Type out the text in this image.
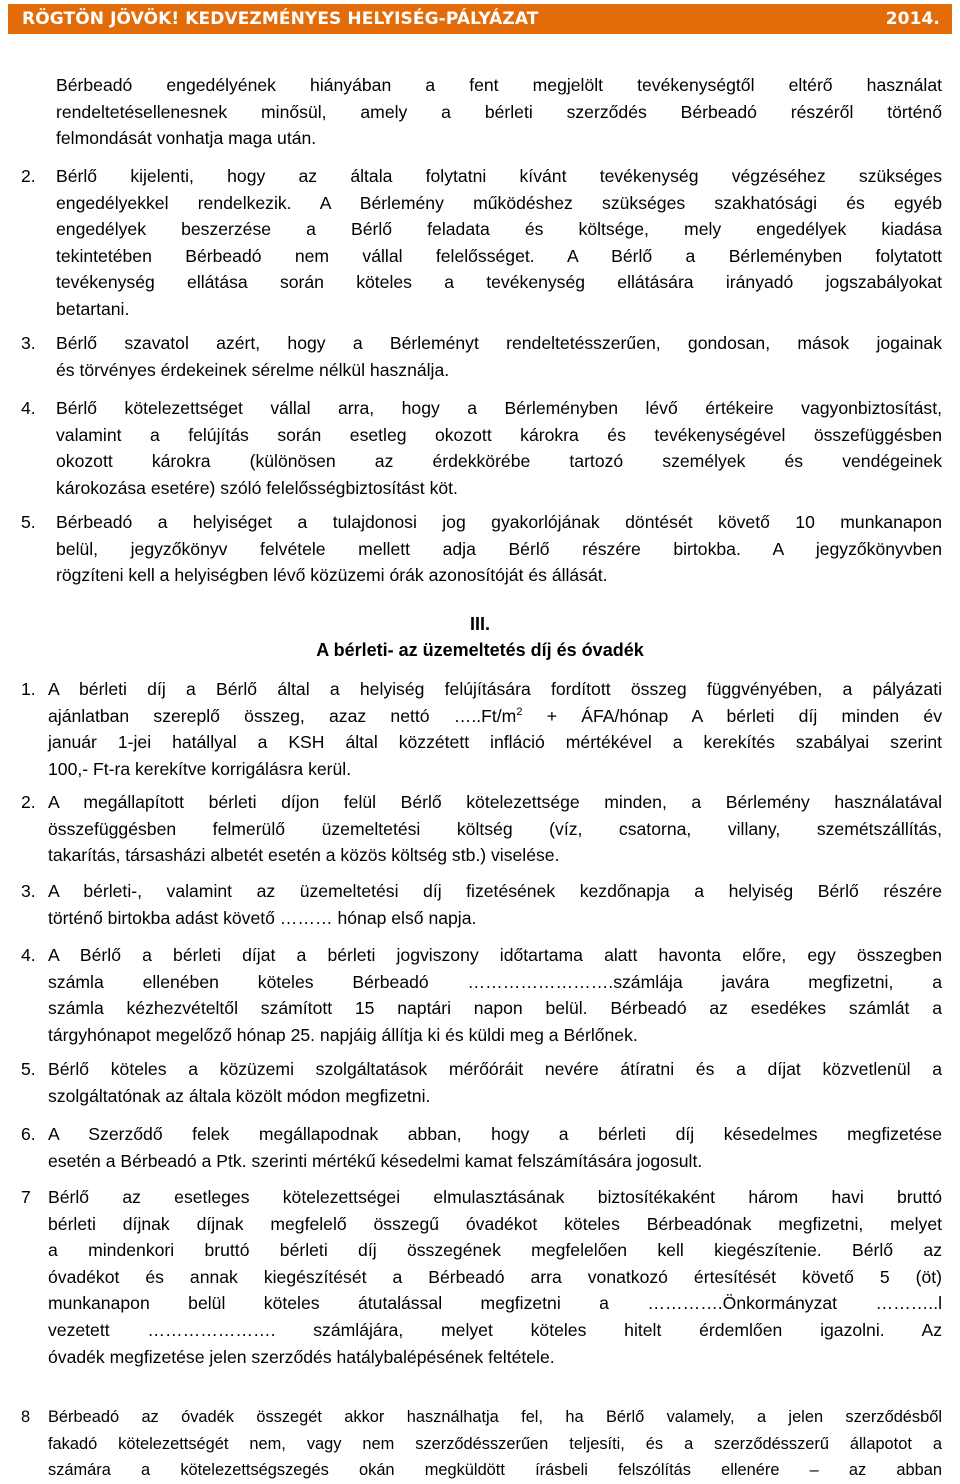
RÖGTÖN JÖVÖK! KEDVEZMÉNYES HELYISÉG-PÁLYÁZAT	2014.
Bérbeadó engedélyének hiányában a fent megjelölt tevékenységtől eltérő használat
rendeltetésellenesnek minősül, amely a bérleti szerződés Bérbeadó részéről történő
felmondását vonhatja maga után.
2. Bérlő kijelenti, hogy az általa folytatni kívánt tevékenység végzéséhez szükséges
engedélyekkel rendelkezik. A Bérlemény működéshez szükséges szakhatósági és egyéb
engedélyek beszerzése a Bérlő feladata és költsége, mely engedélyek kiadása
tekintetében Bérbeadó nem vállal felelősséget. A Bérlő a Bérleményben folytatott
tevékenység ellátása során köteles a tevékenység ellátására irányadó jogszabályokat
betartani.
3. Bérlő szavatol azért, hogy a Bérleményt rendeltetésszerűen, gondosan, mások jogainak
és törvényes érdekeinek sérelme nélkül használja.
4. Bérlő kötelezettséget vállal arra, hogy a Bérleményben lévő értékeire vagyonbiztosítást,
valamint a felújítás során esetleg okozott károkra és tevékenységével összefüggésben
okozott károkra (különösen az érdekkörébe tartozó személyek és vendégeinek
károkozása esetére) szóló felelősségbiztosítást köt.
5. Bérbeadó a helyiséget a tulajdonosi jog gyakorlójának döntését követő 10 munkanapon
belül, jegyzőkönyv felvétele mellett adja Bérlő részére birtokba. A jegyzőkönyvben
rögzíteni kell a helyiségben lévő közüzemi órák azonosítóját és állását.
III.
A bérleti- az üzemeltetés díj és óvadék
1. A bérleti díj a Bérlő által a helyiség felújítására fordított összeg függvényében, a pályázati
ajánlatban szereplő összeg, azaz nettó $\dots..Ft/m^2$ + ÁFA/hónap A bérleti díj minden év
január 1-jei hatállyal a KSH által közzétett infláció mértékével a kerekítés szabályai szerint
100,- Ft-ra kerekítve korrigálásra kerül.
2. A megállapított bérleti díjon felül Bérlő kötelezettsége minden, a Bérlemény használatával
összefüggésben felmerülő üzemeltetési költség (víz, csatorna, villany, szemétszállítás,
takarítás, társasházi albetét esetén a közös költség stb.) viselése.
3. A bérleti-, valamint az üzemeltetési díj fizetésének kezdőnapja a helyiség Bérlő részére
történő birtokba adást követő ……… hónap első napja.
4. A Bérlő a bérleti díjat a bérleti jogviszony időtartama alatt havonta előre, egy összegben
számla ellenében köteles Bérbeadó …………………….számlája javára megfizetni, a
számla kézhezvételtől számított 15 naptári napon belül. Bérbeadó az esedékes számlát a
tárgyhónapot megelőző hónap 25. napjáig állítja ki és küldi meg a Bérlőnek.
5. Bérlő köteles a közüzemi szolgáltatások mérőóráit nevére átíratni és a díjat közvetlenül a
szolgáltatónak az általa közölt módon megfizetni.
6. A Szerződő felek megállapodnak abban, hogy a bérleti díj késedelmes megfizetése
esetén a Bérbeadó a Ptk. szerinti mértékű késedelmi kamat felszámítására jogosult.
7 Bérlő az esetleges kötelezettségei elmulasztásának biztosítékaként három havi bruttó
bérleti díjnak díjnak megfelelő összegű óvadékot köteles Bérbeadónak megfizetni, melyet
a mindenkori bruttó bérleti díj összegének megfelelően kell kiegészítenie. Bérlő az
óvadékot és annak kiegészítését a Bérbeadó arra vonatkozó értesítését követő 5 (öt)
munkanapon belül köteles átutalással megfizetni a ………….Önkormányzat ………..l
vezetett …………………. számlájára, melyet köteles hitelt érdemlően igazolni. Az
óvadék megfizetése jelen szerződés hatálybalépésének feltétele.
8 Bérbeadó az óvadék összegét akkor használhatja fel, ha Bérlő valamely, a jelen szerződésből
fakadó kötelezettségét nem, vagy nem szerződésszerűen teljesíti, és a szerződésszerű állapotot a
számára a kötelezettségszegés okán megküldött írásbeli felszólítás ellenére – az abban
